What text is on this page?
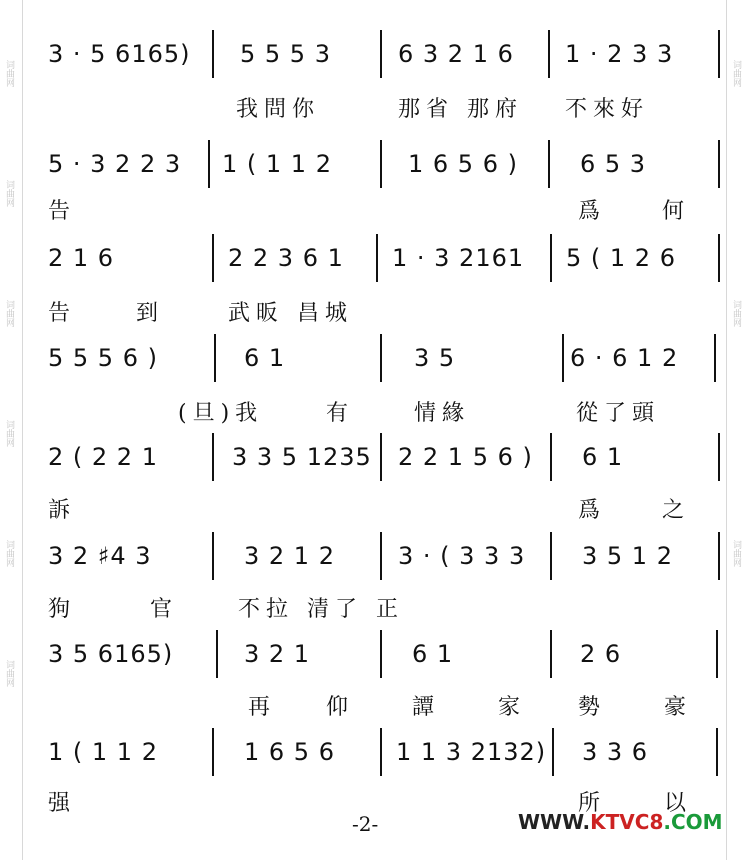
词曲网
词曲网
词曲网
词曲网
词曲网
词曲网
词曲网
词曲网
词曲网
3 · 5 6165) 5 5 5 3	6 3 2 1 6 1 · 2 3 3
我問你	那省 那府 不來好
5 · 3 2 2 3 1 ( 1 1 2	1 6 5 6 )	6 5 3
告	爲	何
2 1 6	2 2 3 6 1 1 · 3 2161 5 ( 1 2 6
告	到	武昄 昌城
5 5 5 6 )	6 1	3 5	6 · 6 1 2
(旦)我	有	情緣	從了頭
2 ( 2 2 1	3 3 5 1235 2 2 1 5 6 ) 6 1
訴	爲	之
3 2 ♯4 3	3 2 1 2	3 · ( 3 3 3 3 5 1 2
狗	官	不拉 清了 正
3 5 6165)	3 2 1	6 1	2 6
再 仰	譚	家 勢	豪
1 ( 1 1 2	1 6 5 6	1 1 3 2132) 3 3 6
强	所	以
-2-	WWW.KTVC8.COM
